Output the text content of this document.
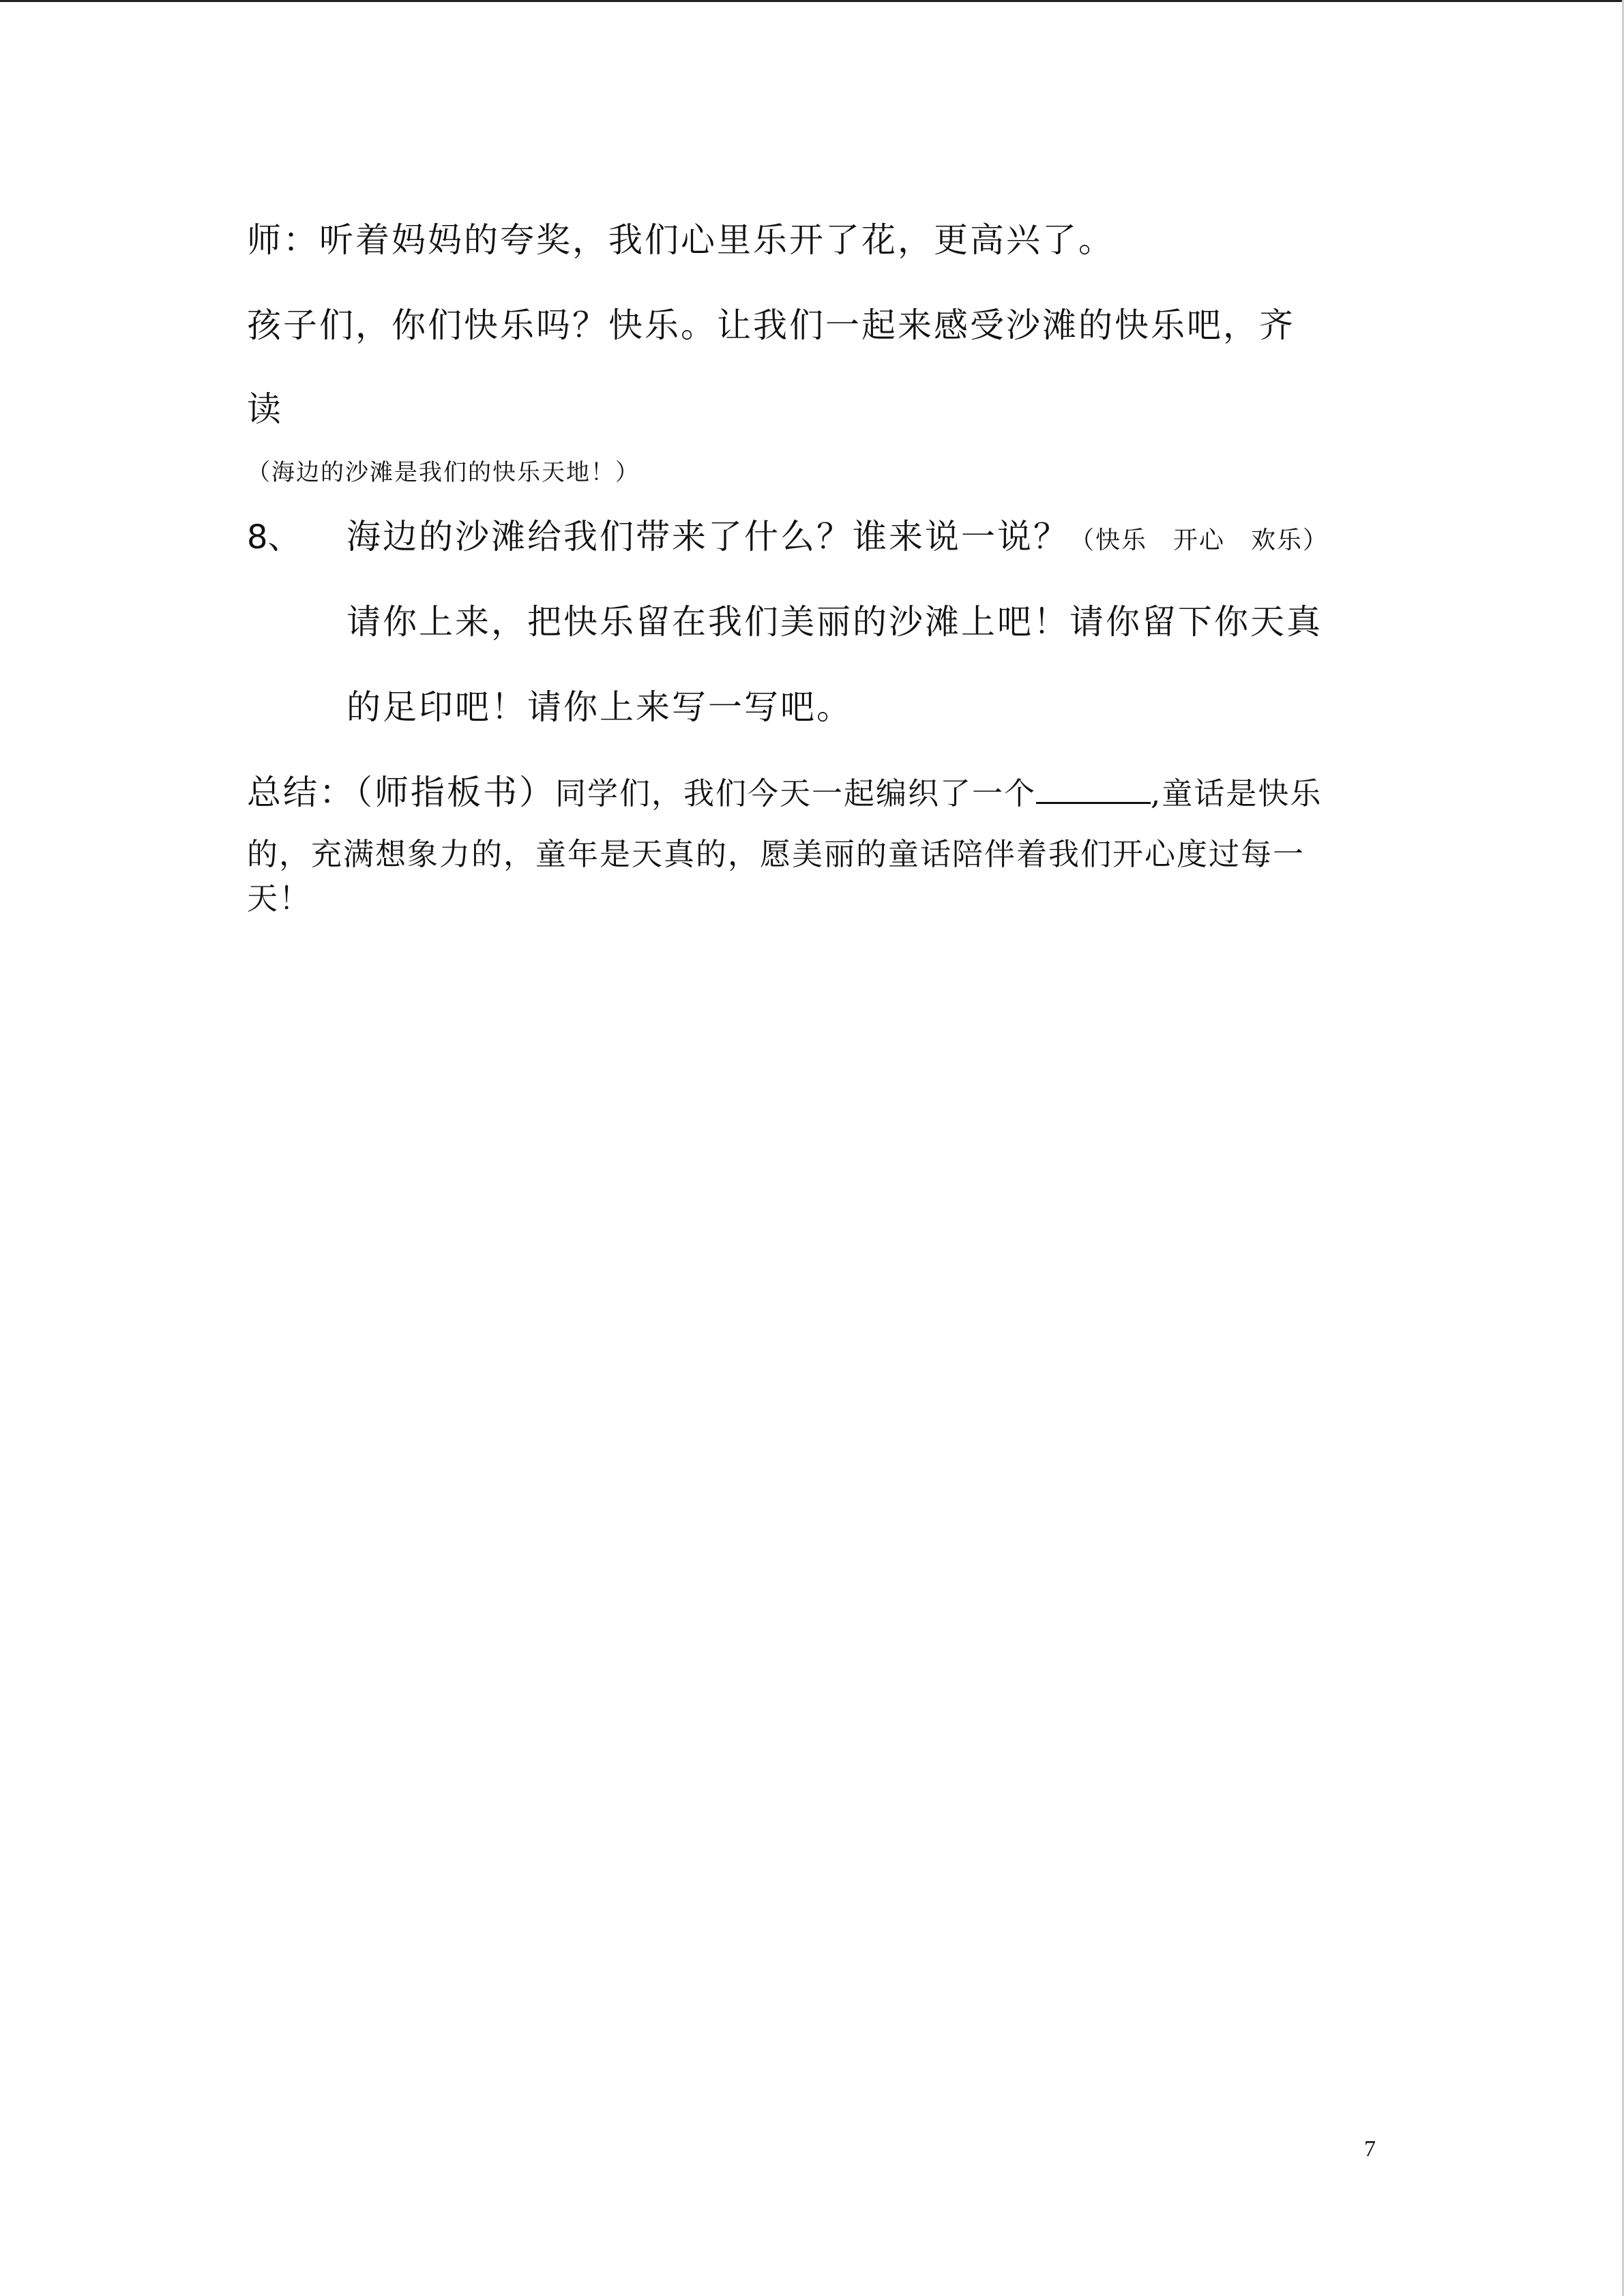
师：听着妈妈的夸奖，我们心里乐开了花，更高兴了。
孩子们，你们快乐吗？快乐。让我们一起来感受沙滩的快乐吧，齐
读
（海边的沙滩是我们的快乐天地！）
8、 海边的沙滩给我们带来了什么？谁来说一说？（快乐　开心　欢乐）
请你上来，把快乐留在我们美丽的沙滩上吧！请你留下你天真
的足印吧！请你上来写一写吧。
总结：（师指板书）同学们，我们今天一起编织了一个	,童话是快乐
的，充满想象力的，童年是天真的，愿美丽的童话陪伴着我们开心度过每一
天！
7
